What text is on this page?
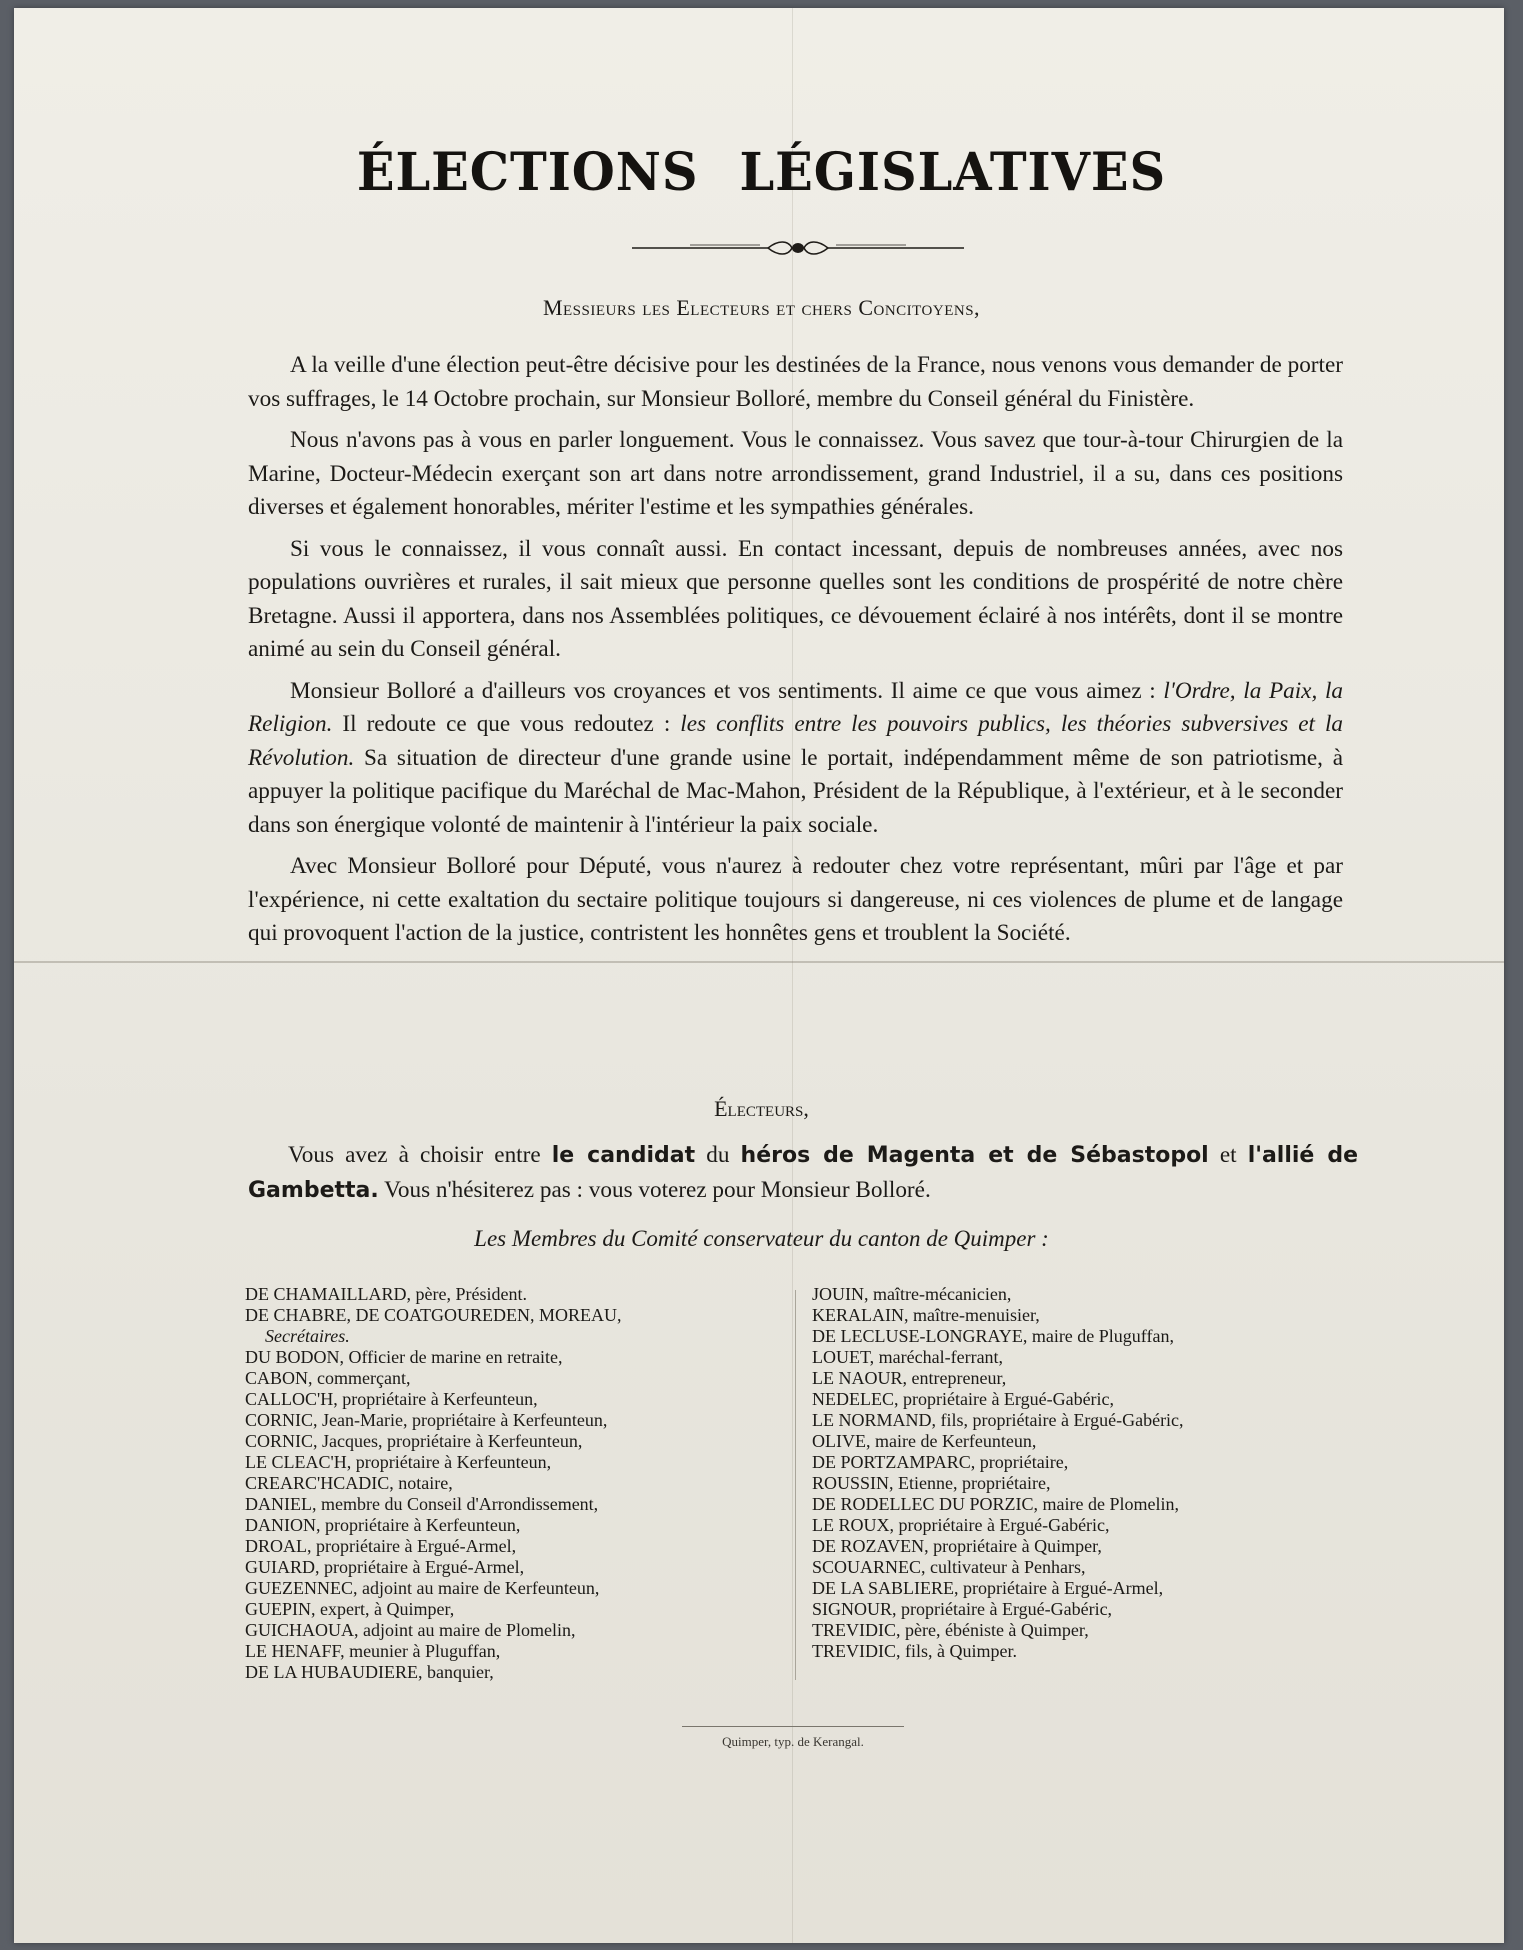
ÉLECTIONS LÉGISLATIVES
Messieurs les Electeurs et chers Concitoyens,

A la veille d'une élection peut-être décisive pour les destinées de la France, nous venons vous demander de porter vos suffrages, le 14 Octobre prochain, sur Monsieur Bolloré, membre du Conseil général du Finistère.

Nous n'avons pas à vous en parler longuement. Vous le connaissez. Vous savez que tour-à-tour Chirurgien de la Marine, Docteur-Médecin exerçant son art dans notre arrondissement, grand Industriel, il a su, dans ces positions diverses et également honorables, mériter l'estime et les sympathies générales.

Si vous le connaissez, il vous connaît aussi. En contact incessant, depuis de nombreuses années, avec nos populations ouvrières et rurales, il sait mieux que personne quelles sont les conditions de prospérité de notre chère Bretagne. Aussi il apportera, dans nos Assemblées politiques, ce dévouement éclairé à nos intérêts, dont il se montre animé au sein du Conseil général.

Monsieur Bolloré a d'ailleurs vos croyances et vos sentiments. Il aime ce que vous aimez : l'Ordre, la Paix, la Religion. Il redoute ce que vous redoutez : les conflits entre les pouvoirs publics, les théories subversives et la Révolution. Sa situation de directeur d'une grande usine le portait, indépendamment même de son patriotisme, à appuyer la politique pacifique du Maréchal de Mac-Mahon, Président de la République, à l'extérieur, et à le seconder dans son énergique volonté de maintenir à l'intérieur la paix sociale.

Avec Monsieur Bolloré pour Député, vous n'aurez à redouter chez votre représentant, mûri par l'âge et par l'expérience, ni cette exaltation du sectaire politique toujours si dangereuse, ni ces violences de plume et de langage qui provoquent l'action de la justice, contristent les honnêtes gens et troublent la Société.

Électeurs,
Vous avez à choisir entre le candidat du héros de Magenta et de Sébastopol et l'allié de Gambetta. Vous n'hésiterez pas : vous voterez pour Monsieur Bolloré.
Les Membres du Comité conservateur du canton de Quimper :
DE CHAMAILLARD, père, Président.
DE CHABRE, DE COATGOUREDEN, MOREAU,
Secrétaires.
DU BODON, Officier de marine en retraite,
CABON, commerçant,
CALLOC'H, propriétaire à Kerfeunteun,
CORNIC, Jean-Marie, propriétaire à Kerfeunteun,
CORNIC, Jacques, propriétaire à Kerfeunteun,
LE CLEAC'H, propriétaire à Kerfeunteun,
CREARC'HCADIC, notaire,
DANIEL, membre du Conseil d'Arrondissement,
DANION, propriétaire à Kerfeunteun,
DROAL, propriétaire à Ergué-Armel,
GUIARD, propriétaire à Ergué-Armel,
GUEZENNEC, adjoint au maire de Kerfeunteun,
GUEPIN, expert, à Quimper,
GUICHAOUA, adjoint au maire de Plomelin,
LE HENAFF, meunier à Pluguffan,
DE LA HUBAUDIERE, banquier,
JOUIN, maître-mécanicien,
KERALAIN, maître-menuisier,
DE LECLUSE-LONGRAYE, maire de Pluguffan,
LOUET, maréchal-ferrant,
LE NAOUR, entrepreneur,
NEDELEC, propriétaire à Ergué-Gabéric,
LE NORMAND, fils, propriétaire à Ergué-Gabéric,
OLIVE, maire de Kerfeunteun,
DE PORTZAMPARC, propriétaire,
ROUSSIN, Etienne, propriétaire,
DE RODELLEC DU PORZIC, maire de Plomelin,
LE ROUX, propriétaire à Ergué-Gabéric,
DE ROZAVEN, propriétaire à Quimper,
SCOUARNEC, cultivateur à Penhars,
DE LA SABLIERE, propriétaire à Ergué-Armel,
SIGNOUR, propriétaire à Ergué-Gabéric,
TREVIDIC, père, ébéniste à Quimper,
TREVIDIC, fils, à Quimper.
Quimper, typ. de Kerangal.
